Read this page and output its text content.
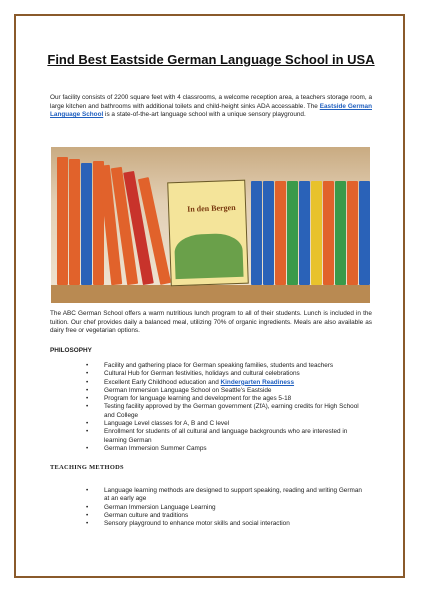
Find Best Eastside German Language School in USA

Our facility consists of 2200 square feet with 4 classrooms, a welcome reception area, a teachers storage room, a large kitchen and bathrooms with additional toilets and child-height sinks ADA accessable. The Eastside German Language School is a state-of-the-art language school with a unique sensory playground.

In den Bergen

The ABC German School offers a warm nutritious lunch program to all of their students. Lunch is included in the tuition. Our chef provides daily a balanced meal, utilizing 70% of organic ingredients. Meals are also available as dairy free or vegetarian options.

PHILOSOPHY
• Facility and gathering place for German speaking families, students and teachers
• Cultural Hub for German festivities, holidays and cultural celebrations
• Excellent Early Childhood education and Kindergarten Readiness
• German Immersion Language School on Seattle's Eastside
• Program for language learning and development for the ages 5-18
• Testing facility approved by the German government (ZfA), earning credits for High School and College
• Language Level classes for A, B and C level
• Enrollment for students of all cultural and language backgrounds who are interested in learning German
• German Immersion Summer Camps
TEACHING METHODS
• Language learning methods are designed to support speaking, reading and writing German at an early age
• German Immersion Language Learning
• German culture and traditions
• Sensory playground to enhance motor skills and social interaction
